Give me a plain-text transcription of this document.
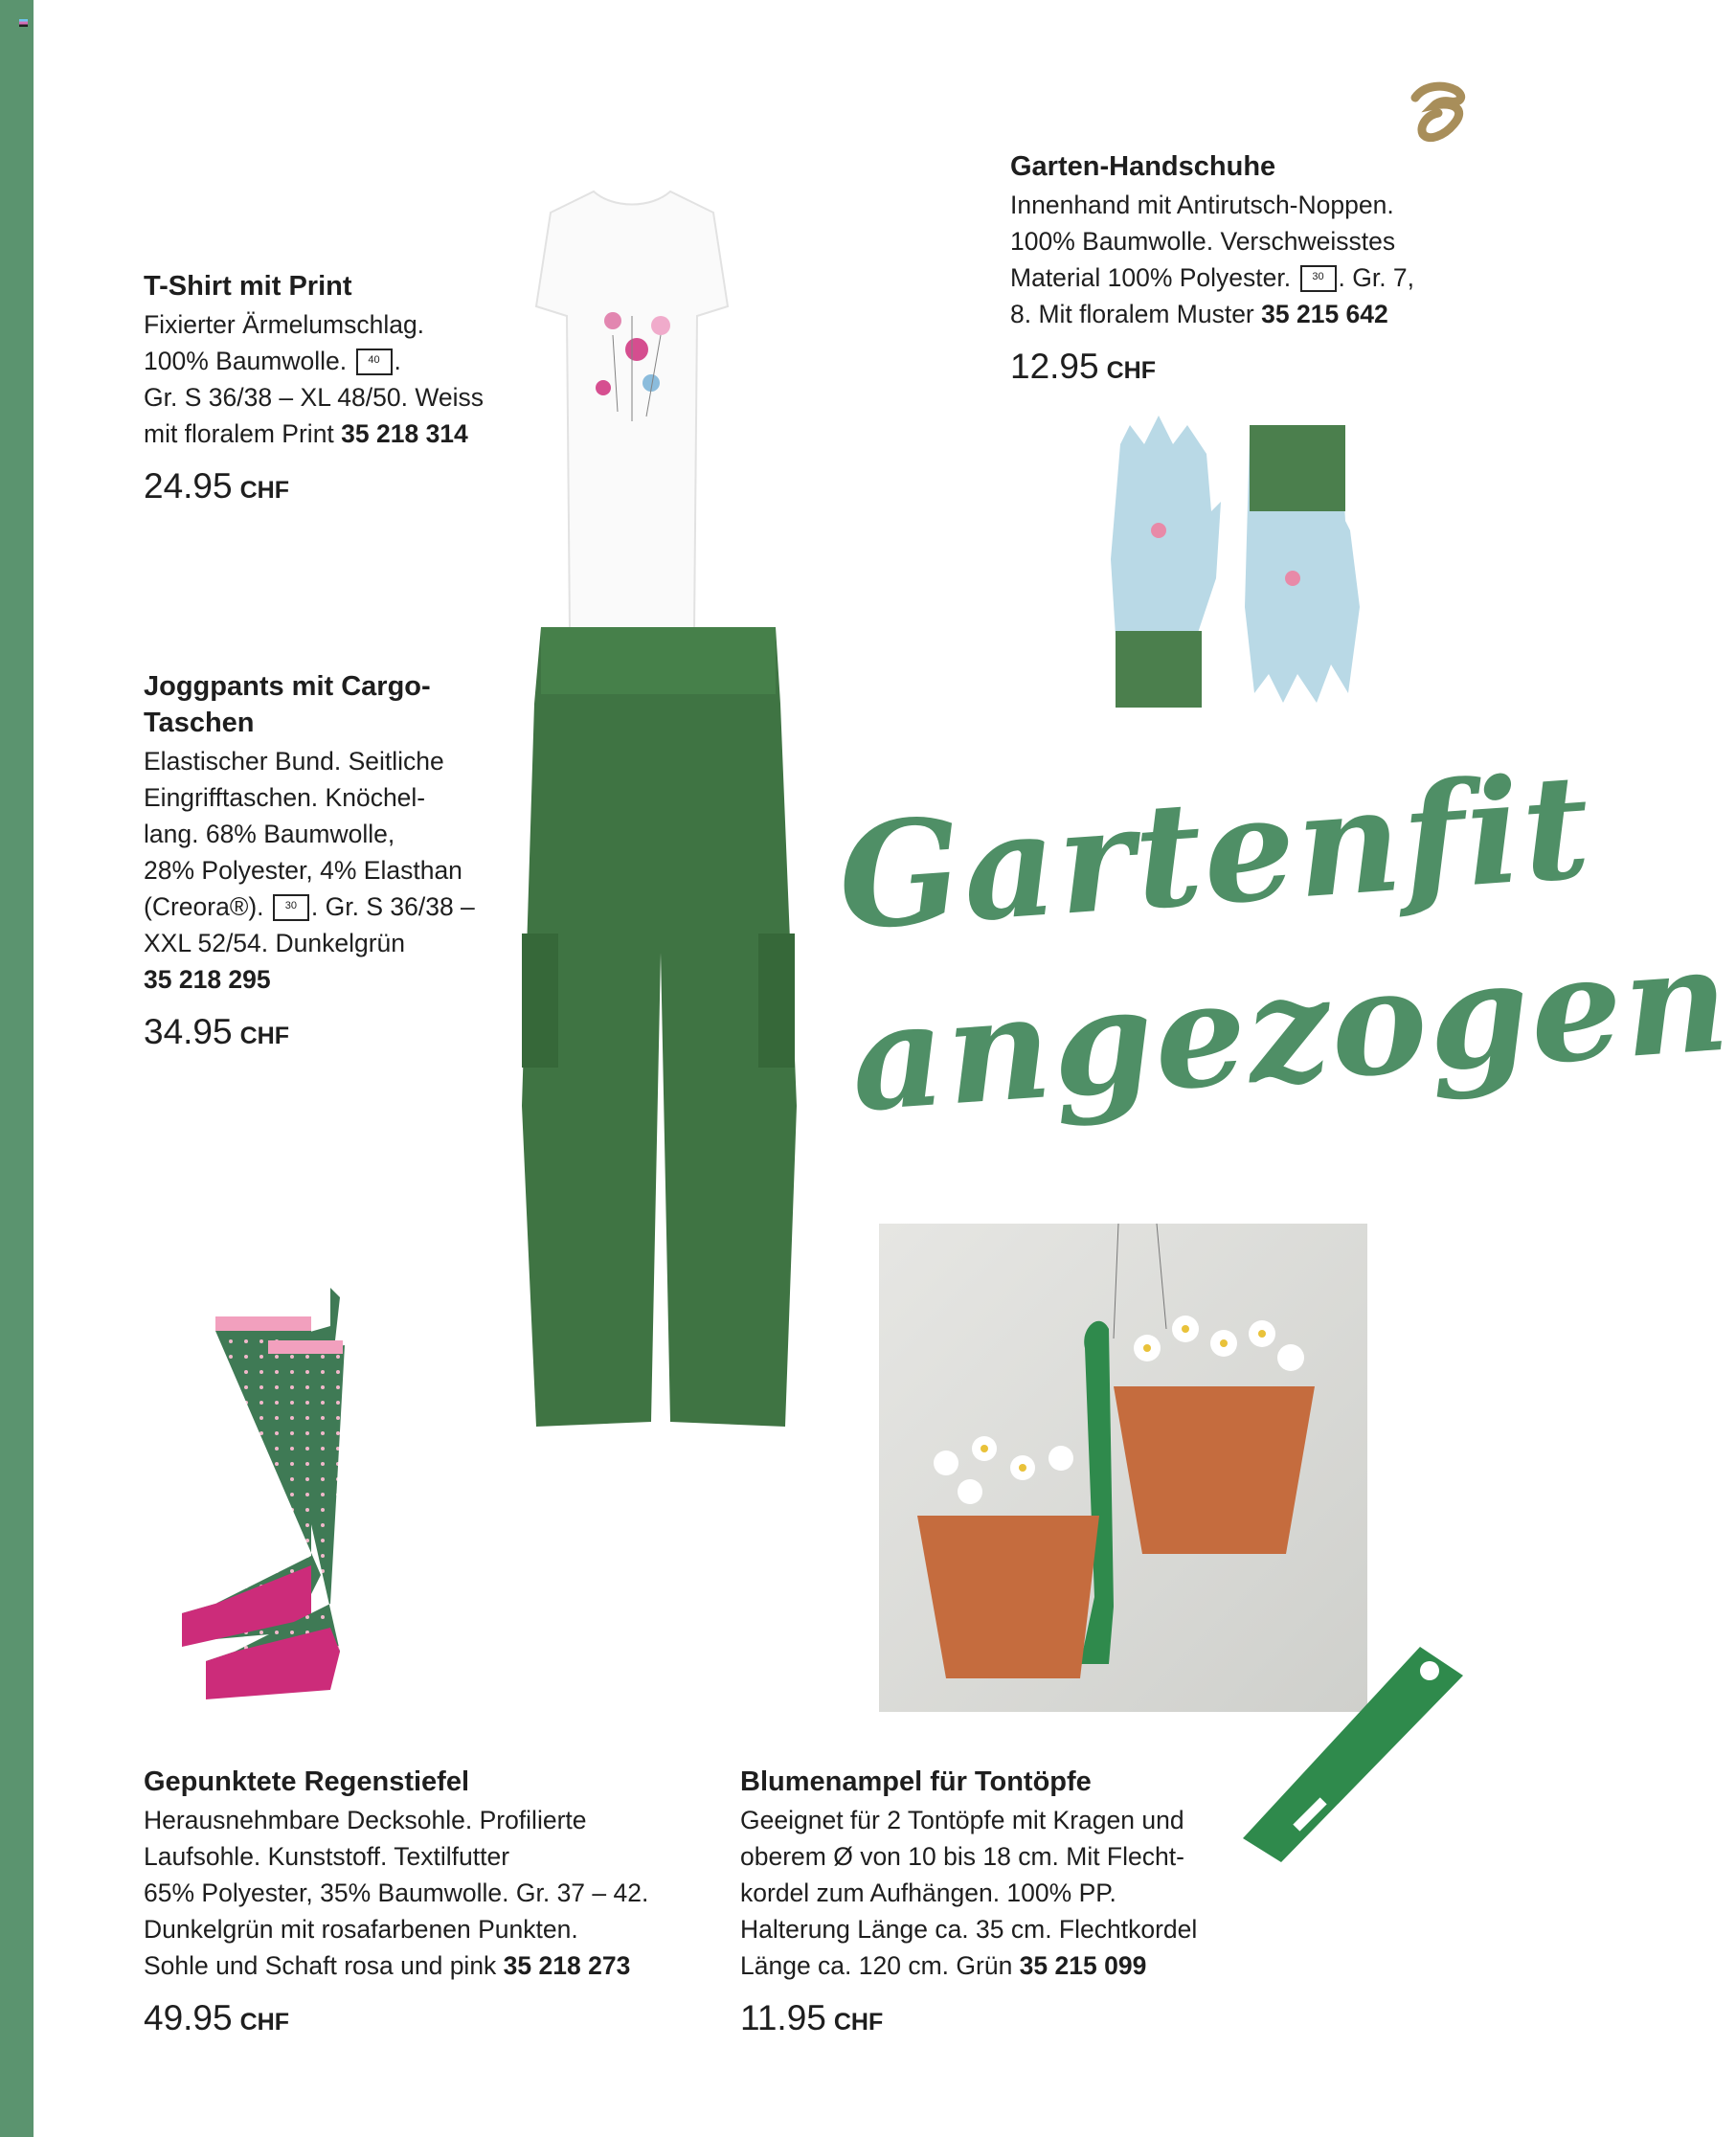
T-Shirt mit Print

Fixierter Ärmelumschlag.

100% Baumwolle. 40 .

Gr. S 36/38 – XL 48/50. Weiss

mit floralem Print 35 218 314

24.95 CHF
Garten-Handschuhe

Innenhand mit Antirutsch-Noppen.

100% Baumwolle. Verschweisstes

Material 100% Polyester. 30 . Gr. 7,

8. Mit floralem Muster 35 215 642

12.95 CHF
Joggpants mit Cargo-
Taschen

Elastischer Bund. Seitliche

Eingrifftaschen. Knöchel-

lang. 68% Baumwolle,

28% Polyester, 4% Elasthan

(Creora®). 30 . Gr. S 36/38 –

XXL 52/54. Dunkelgrün

35 218 295

34.95 CHF
Gartenfit
angezogen
Gepunktete Regenstiefel

Herausnehmbare Decksohle. Profilierte

Laufsohle. Kunststoff. Textilfutter

65% Polyester, 35% Baumwolle. Gr. 37 – 42.

Dunkelgrün mit rosafarbenen Punkten.

Sohle und Schaft rosa und pink 35 218 273

49.95 CHF
Blumenampel für Tontöpfe

Geeignet für 2 Tontöpfe mit Kragen und

oberem Ø von 10 bis 18 cm. Mit Flecht-

kordel zum Aufhängen. 100% PP.

Halterung Länge ca. 35 cm. Flechtkordel

Länge ca. 120 cm. Grün 35 215 099

11.95 CHF
